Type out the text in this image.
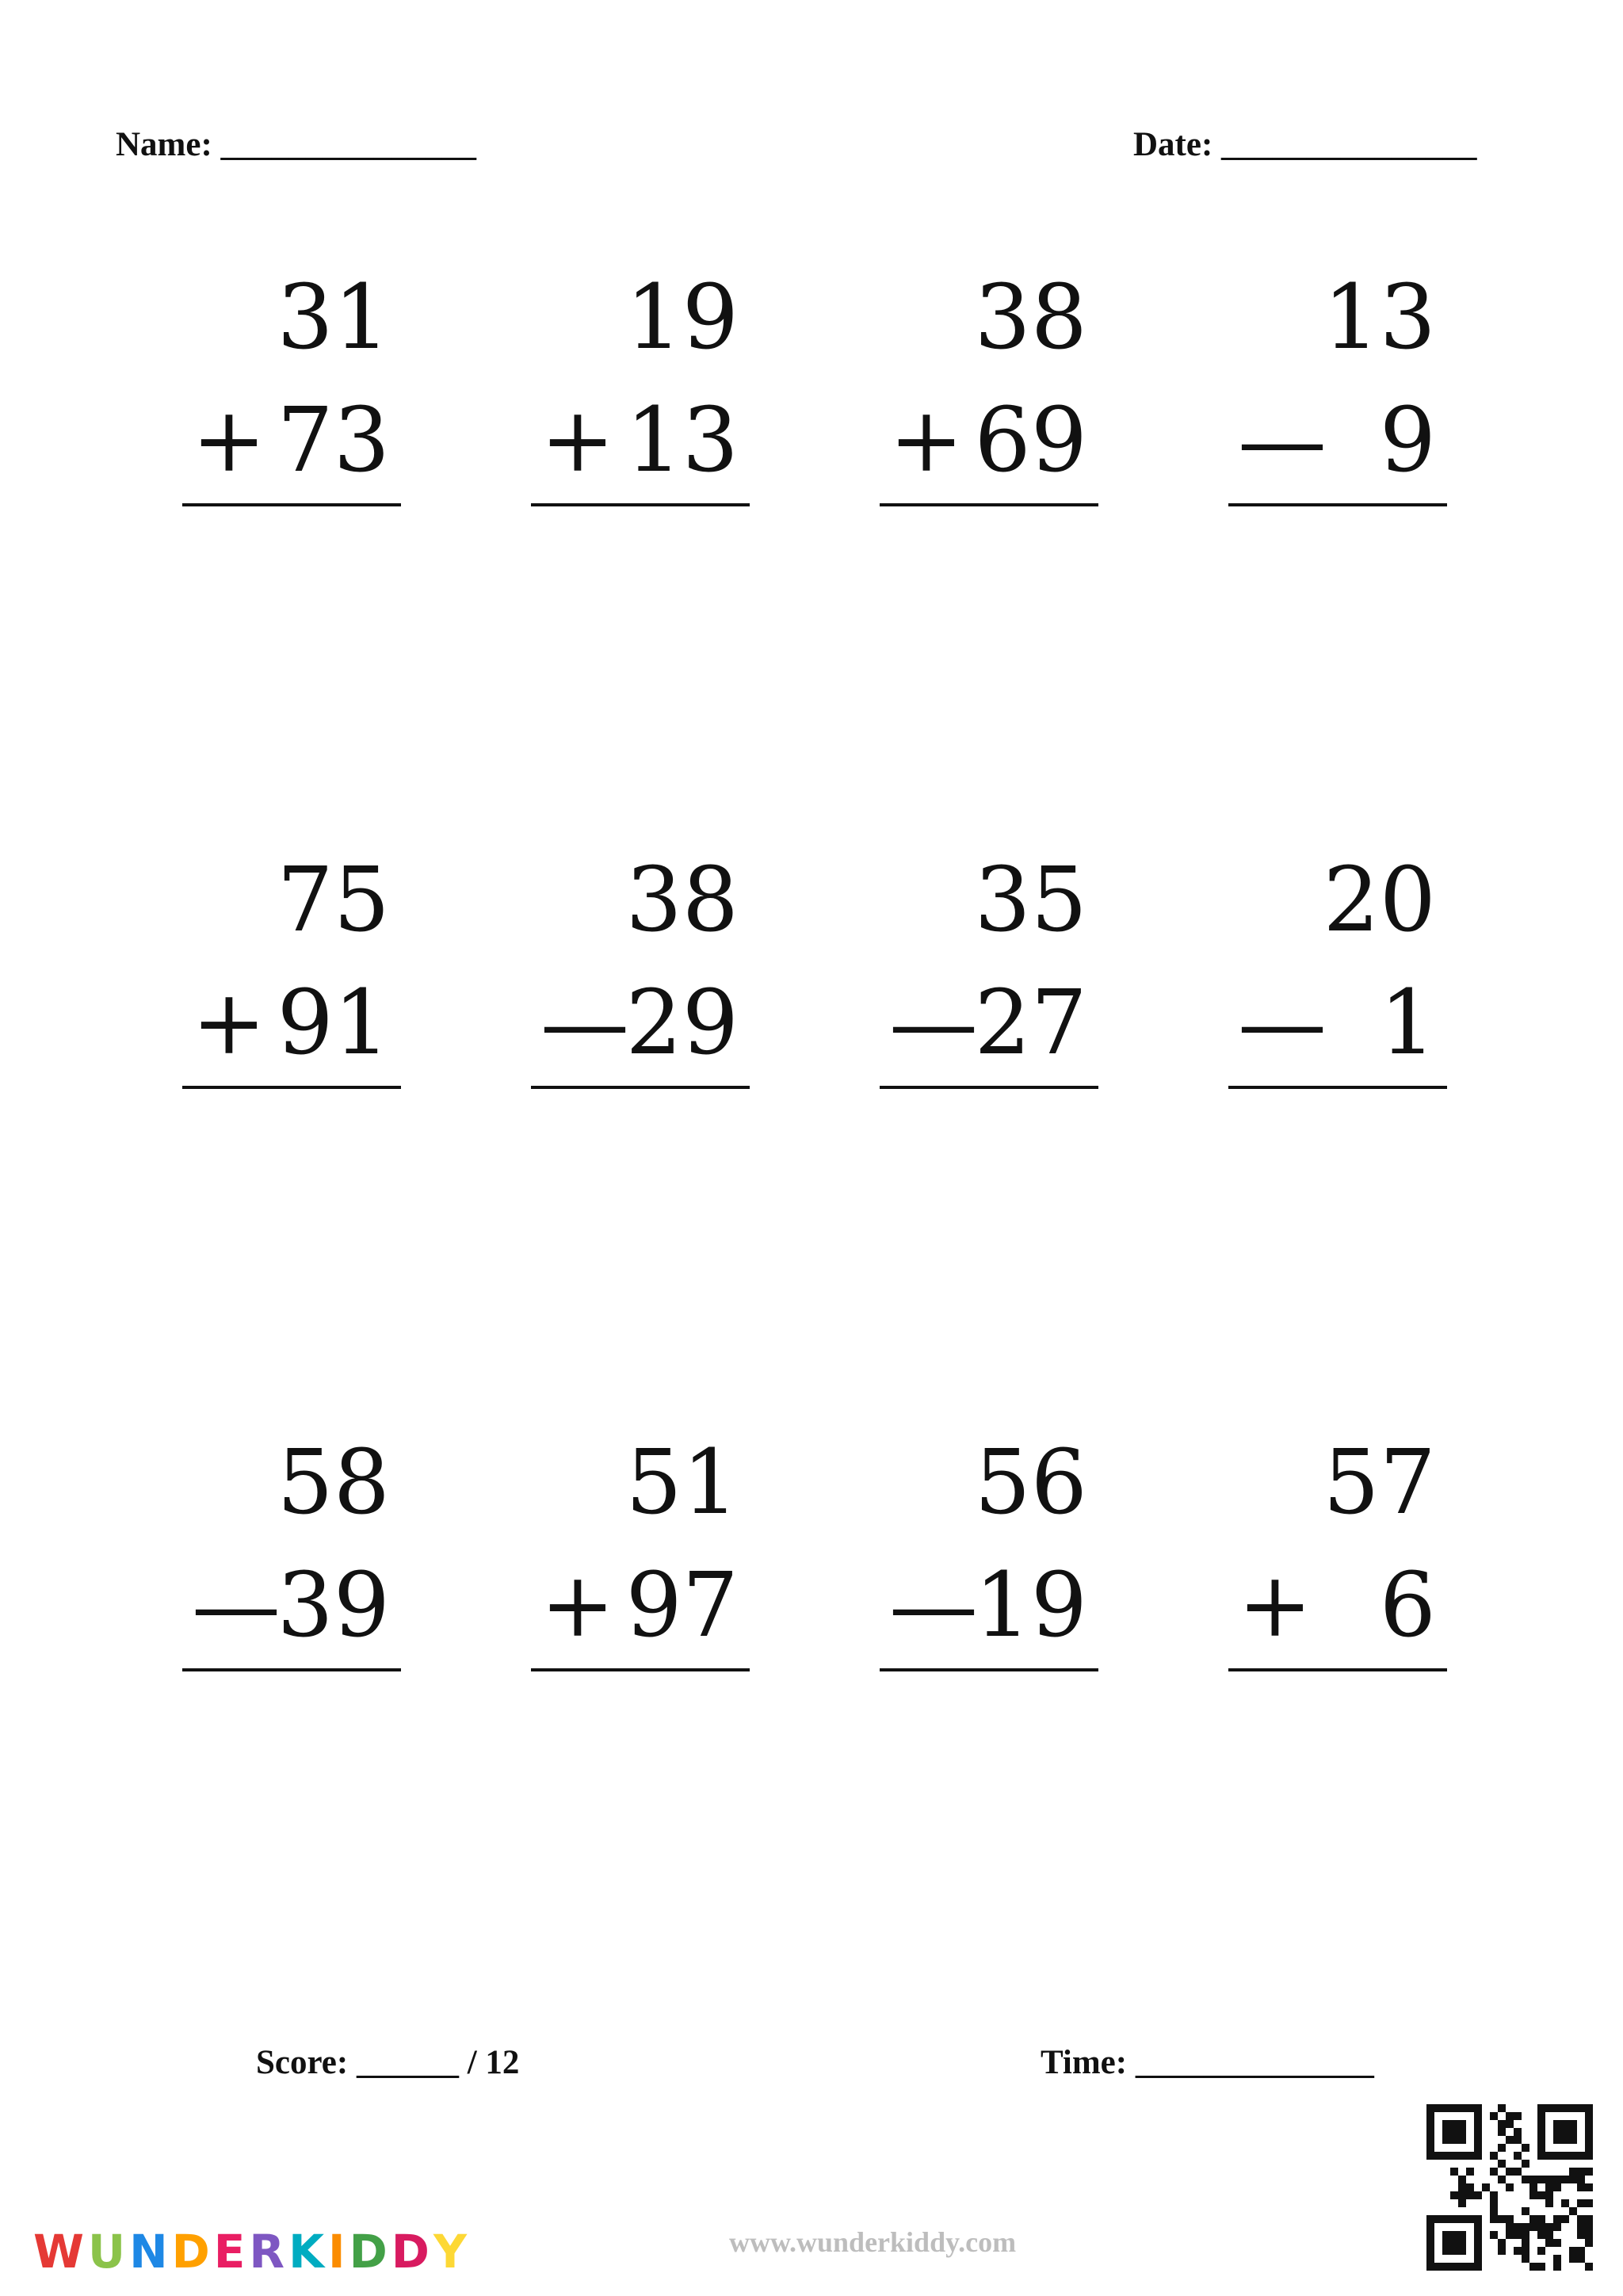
Name: _______________	Date: _______________
31
+ 73
19
+ 13
38
+ 69
13
— 9
75
+ 91
38
—
29
35
—
27
20
— 1
58
—
39
51
+ 97
56
—
19
57
+ 6
Score: ______ / 12	Time: ______________
W U N D E R K I D D Y	www.wunderkiddy.com
